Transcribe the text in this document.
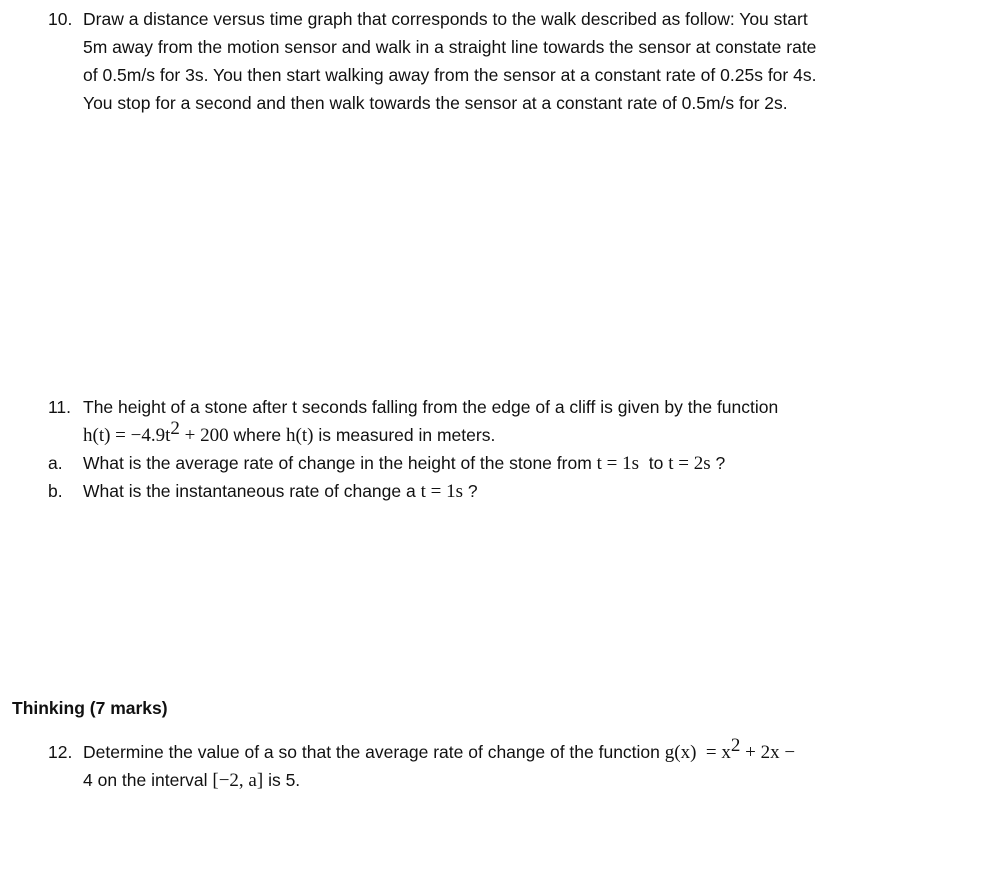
10. Draw a distance versus time graph that corresponds to the walk described as follow: You start
5m away from the motion sensor and walk in a straight line towards the sensor at constate rate
of 0.5m/s for 3s. You then start walking away from the sensor at a constant rate of 0.25s for 4s.
You stop for a second and then walk towards the sensor at a constant rate of 0.5m/s for 2s.
11. The height of a stone after t seconds falling from the edge of a cliff is given by the function
$h(t) = -4.9t^2 + 200$ where h(t) is measured in meters.
a. What is the average rate of change in the height of the stone from t = 1s  to t = 2s ?
b. What is the instantaneous rate of change a t = 1s ?
Thinking (7 marks)
12. Determine the value of a so that the average rate of change of the function $g(x) = x^2 + 2x$ −
4 on the interval [−2, a] is 5.
